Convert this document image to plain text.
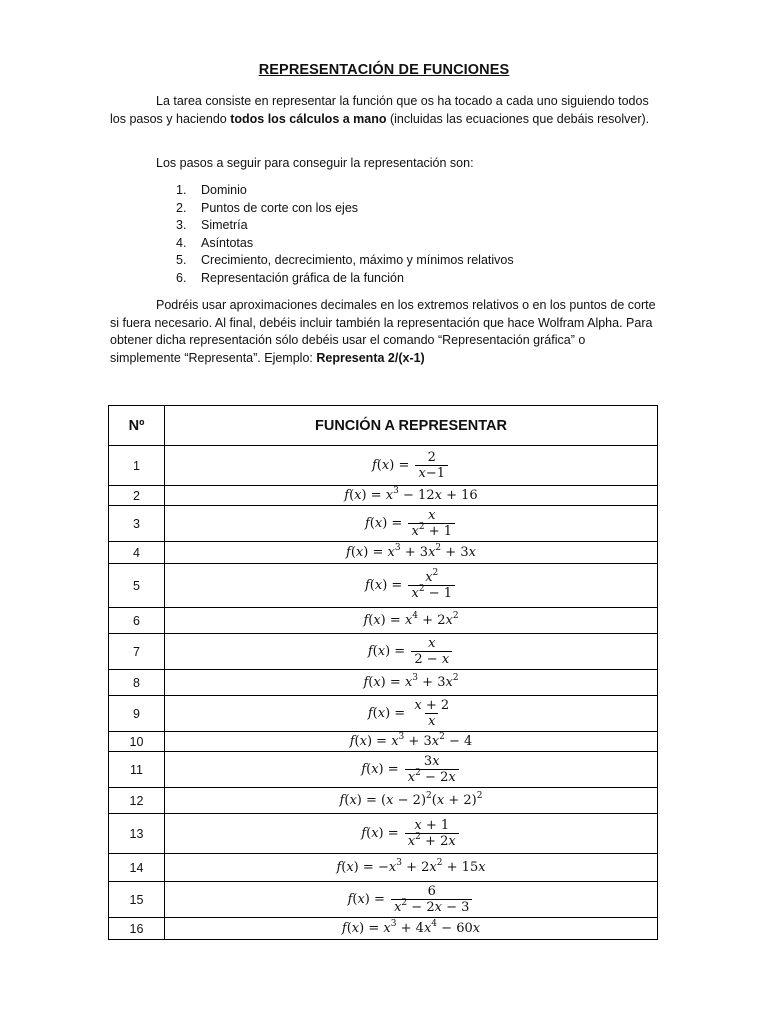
REPRESENTACIÓN DE FUNCIONES
La tarea consiste en representar la función que os ha tocado a cada uno siguiendo todos los pasos y haciendo todos los cálculos a mano (incluidas las ecuaciones que debáis resolver).
Los pasos a seguir para conseguir la representación son:
1.	Dominio
2.	Puntos de corte con los ejes
3.	Simetría
4.	Asíntotas
5.	Crecimiento, decrecimiento, máximo y mínimos relativos
6.	Representación gráfica de la función
Podréis usar aproximaciones decimales en los extremos relativos o en los puntos de corte si fuera necesario. Al final, debéis incluir también la representación que hace Wolfram Alpha. Para obtener dicha representación sólo debéis usar el comando “Representación gráfica” o simplemente “Representa”. Ejemplo: Representa 2/(x-1)
Nº	FUNCIÓN A REPRESENTAR
1	$f(x) = \frac{2}{x-1}$

2	$f(x) = x^3 - 12x + 16$
3	$f(x) = \frac{x}{x^2 + 1}$

4	$f(x) = x^3 + 3x^2 + 3x$
5	$f(x) = \frac{x^2}{x^2 - 1}$

6	$f(x) = x^4 + 2x^2$
7	$f(x) = \frac{x}{2 - x}$

8	$f(x) = x^3 + 3x^2$
9	$f(x) = \frac{x + 2}{x}$

10	$f(x) = x^3 + 3x^2 - 4$
11	$f(x) = \frac{3x}{x^2 - 2x}$

12	$f(x) = (x - 2)^2(x + 2)^2$
13	$f(x) = \frac{x + 1}{x^2 + 2x}$

14	$f(x) = -x^3 + 2x^2 + 15x$
15	$f(x) = \frac{6}{x^2 - 2x - 3}$

16	$f(x) = x^3 + 4x^4 - 60x$
